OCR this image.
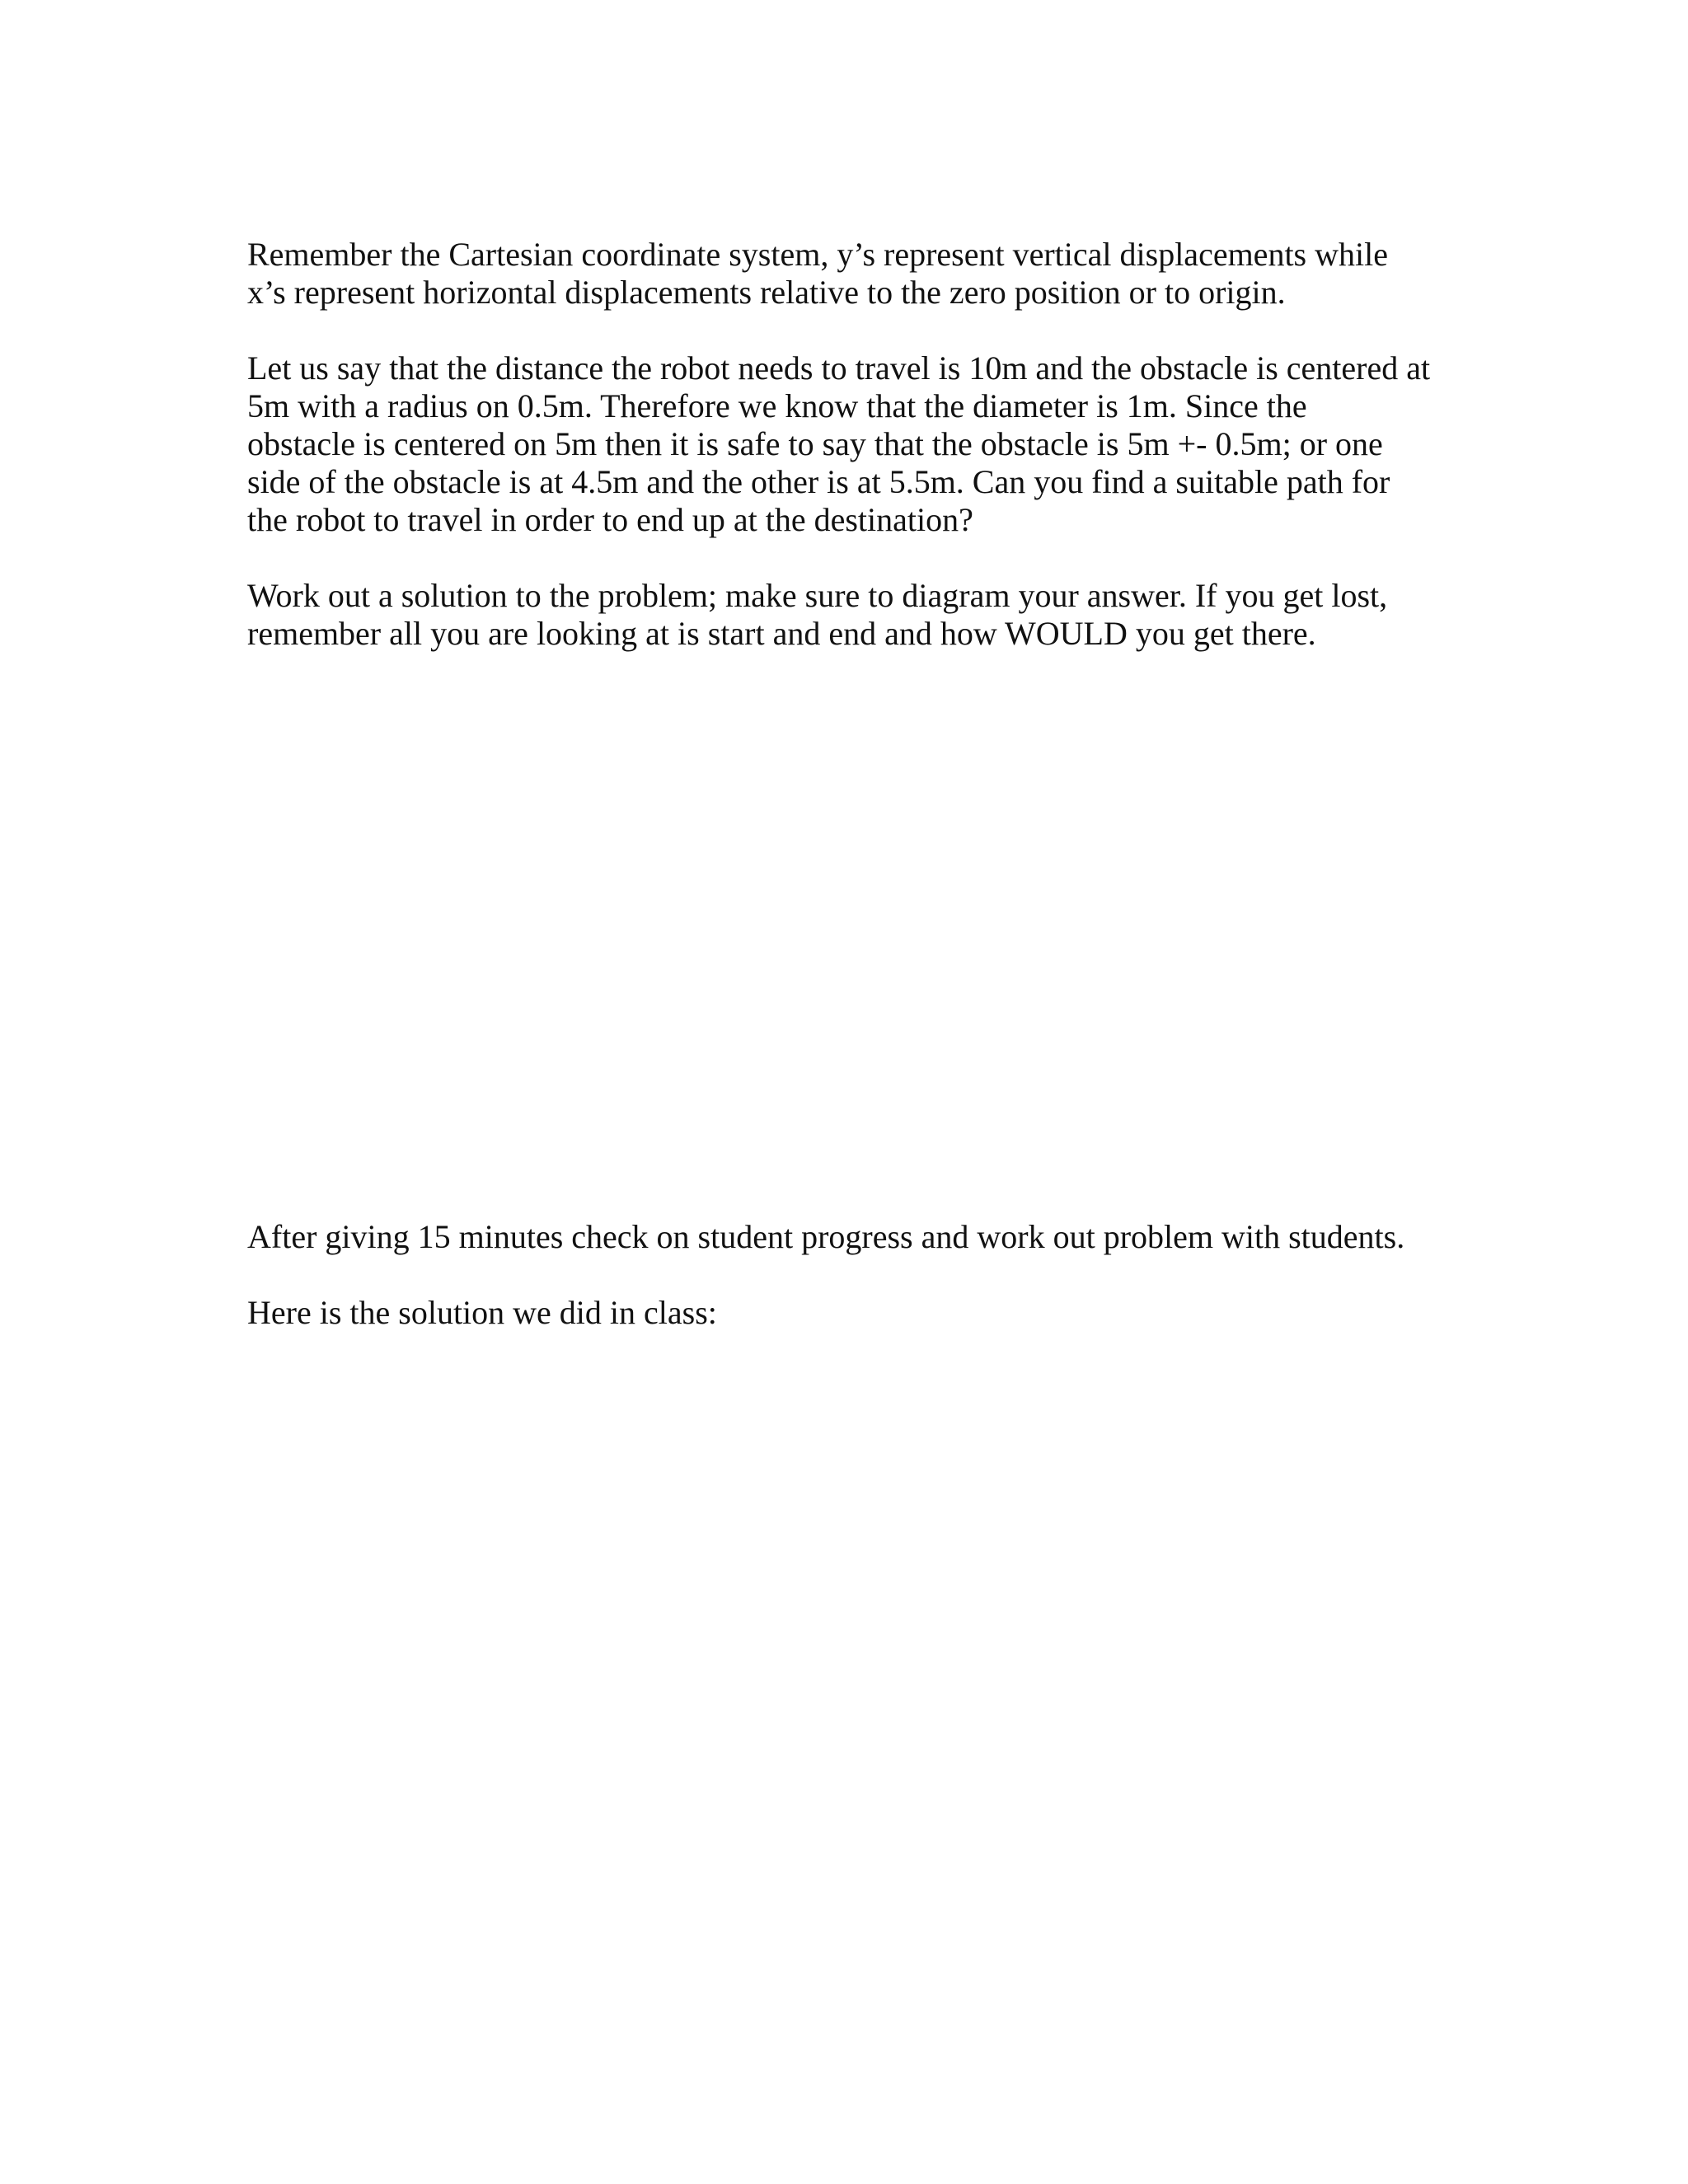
Remember the Cartesian coordinate system, y’s represent vertical displacements while

x’s represent horizontal displacements relative to the zero position or to origin.

Let us say that the distance the robot needs to travel is 10m and the obstacle is centered at

5m with a radius on 0.5m. Therefore we know that the diameter is 1m. Since the

obstacle is centered on 5m then it is safe to say that the obstacle is 5m +- 0.5m; or one

side of the obstacle is at 4.5m and the other is at 5.5m. Can you find a suitable path for

the robot to travel in order to end up at the destination?

Work out a solution to the problem; make sure to diagram your answer. If you get lost,

remember all you are looking at is start and end and how WOULD you get there.

After giving 15 minutes check on student progress and work out problem with students.

Here is the solution we did in class:
